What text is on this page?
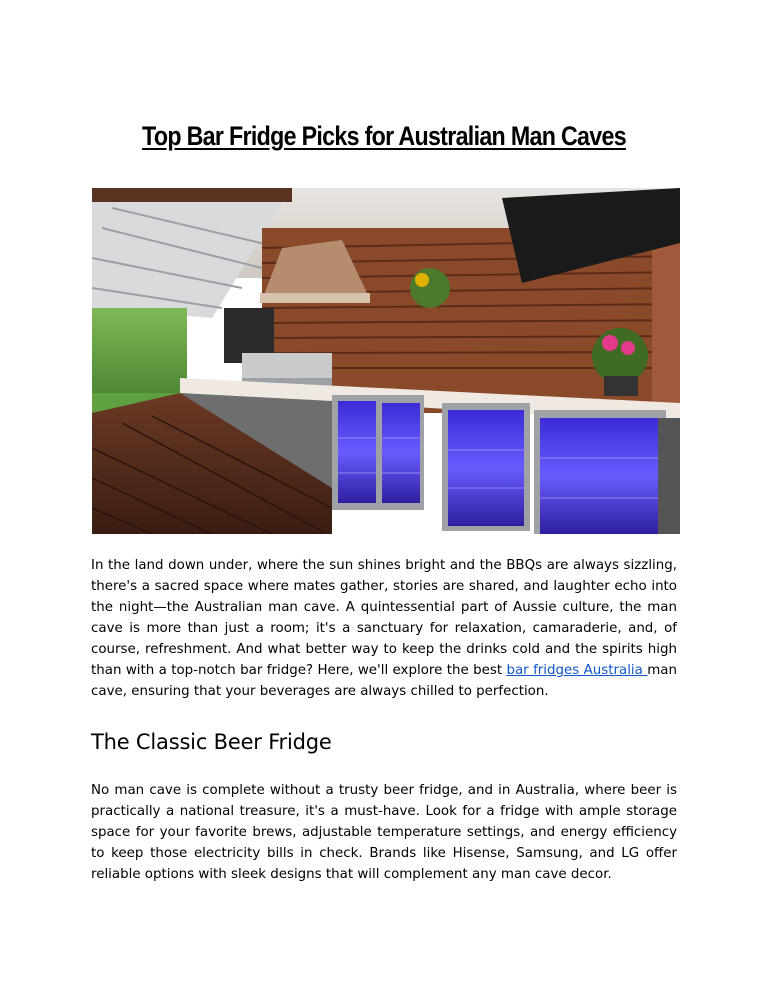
Top Bar Fridge Picks for Australian Man Caves

In the land down under, where the sun shines bright and the BBQs are always sizzling, there's a sacred space where mates gather, stories are shared, and laughter echo into the night—the Australian man cave. A quintessential part of Aussie culture, the man cave is more than just a room; it's a sanctuary for relaxation, camaraderie, and, of course, refreshment. And what better way to keep the drinks cold and the spirits high than with a top-notch bar fridge? Here, we'll explore the best bar fridges Australia man cave, ensuring that your beverages are always chilled to perfection.

The Classic Beer Fridge

No man cave is complete without a trusty beer fridge, and in Australia, where beer is practically a national treasure, it's a must-have. Look for a fridge with ample storage space for your favorite brews, adjustable temperature settings, and energy efficiency to keep those electricity bills in check. Brands like Hisense, Samsung, and LG offer reliable options with sleek designs that will complement any man cave decor.
